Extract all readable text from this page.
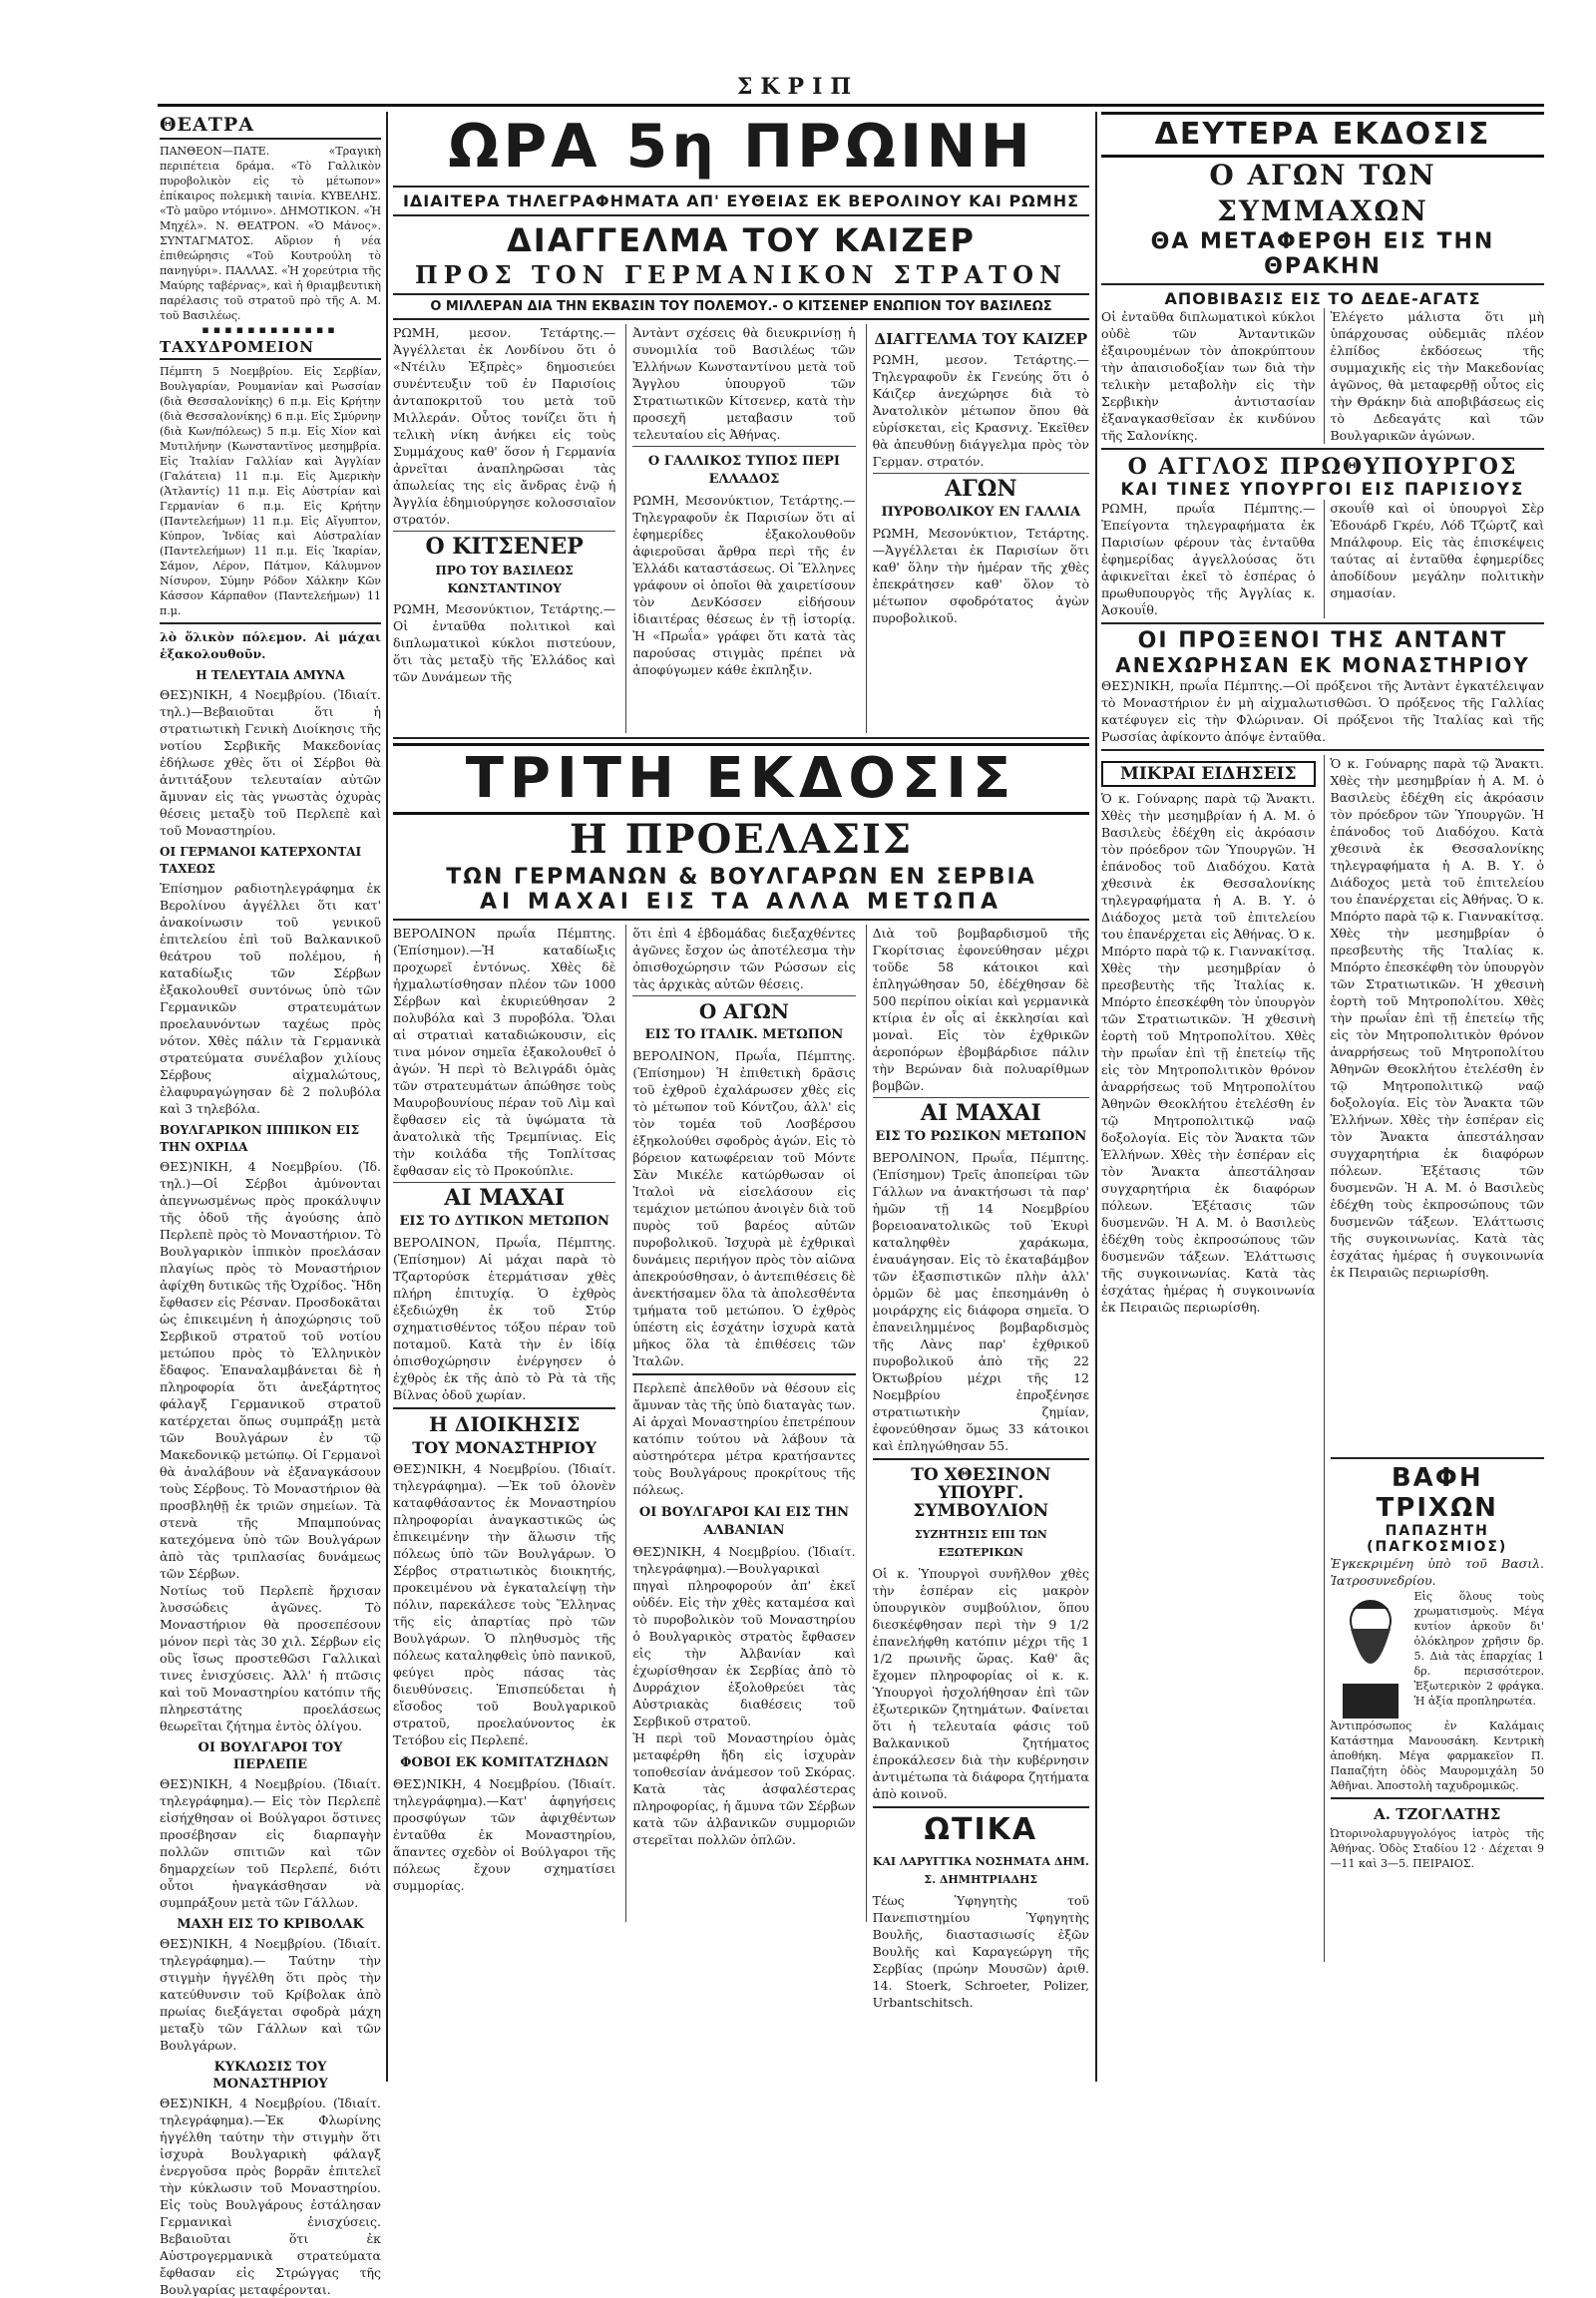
ΣΚΡΙΠ
ΘΕΑΤΡΑ

ΠΑΝΘΕΟΝ—ΠΑΤΕ. «Τραγικὴ περιπέτεια δράμα. «Τὸ Γαλλικὸν πυροβολικὸν εἰς τὸ μέτωπον» ἐπίκαιρος πολεμικὴ ταινία. ΚΥΒΕΛΗΣ. «Τὸ μαῦρο ντόμινο». ΔΗΜΟΤΙΚΟΝ. «Ἡ Μηχέλ». Ν. ΘΕΑΤΡΟΝ. «Ὁ Μάνος». ΣΥΝΤΑΓΜΑΤΟΣ. Αὔριον ἡ νέα ἐπιθεώρησις «Τοῦ Κουτρούλη τὸ πανηγύρι». ΠΑΛΛΑΣ. «Ἡ χορεύτρια τῆς Μαύρης ταβέρνας», καὶ ἡ θριαμβευτικὴ παρέλασις τοῦ στρατοῦ πρὸ τῆς Α. Μ. τοῦ Βασιλέως.

▪▪▪▪▪▪▪▪▪▪▪▪
ΤΑΧΥΔΡΟΜΕΙΟΝ

Πέμπτη 5 Νοεμβρίου. Εἰς Σερβίαν, Βουλγαρίαν, Ρουμανίαν καὶ Ρωσσίαν (διὰ Θεσσαλονίκης) 6 π.μ. Εἰς Κρήτην (διὰ Θεσσαλονίκης) 6 π.μ. Εἰς Σμύρνην (διὰ Κων/πόλεως) 5 π.μ. Εἰς Χίον καὶ Μυτιλήνην (Κωνσταντῖνος μεσημβρία. Εἰς Ἰταλίαν Γαλλίαν καὶ Ἀγγλίαν (Γαλάτεια) 11 π.μ. Εἰς Ἀμερικὴν (Ἀτλαντίς) 11 π.μ. Εἰς Αὐστρίαν καὶ Γερμανίαν 6 π.μ. Εἰς Κρήτην (Παντελεήμων) 11 π.μ. Εἰς Αἴγυπτον, Κύπρον, Ἰνδίας καὶ Αὐστραλίαν (Παντελεήμων) 11 π.μ. Εἰς Ἰκαρίαν, Σάμον, Λέρον, Πάτμον, Κάλυμνον Νίσυρον, Σύμην Ρόδον Χάλκην Κῶν Κάσσον Κάρπαθον (Παντελεήμων) 11 π.μ.

λὸ ὅλικὸν πόλεμον. Αἱ μάχαι ἐξακολουθοῦν.

Η ΤΕΛΕΥΤΑΙΑ ΑΜΥΝΑ

ΘΕΣ)ΝΙΚΗ, 4 Νοεμβρίου. (Ἰδιαίτ. τηλ.)—Βεβαιοῦται ὅτι ἡ στρατιωτικὴ Γενικὴ Διοίκησις τῆς νοτίου Σερβικῆς Μακεδονίας ἐδήλωσε χθὲς ὅτι οἱ Σέρβοι θὰ ἀντιτάξουν τελευταίαν αὐτῶν ἄμυναν εἰς τὰς γνωστὰς ὀχυρὰς θέσεις μεταξὺ τοῦ Περλεπὲ καὶ τοῦ Μοναστηρίου.

ΟΙ ΓΕΡΜΑΝΟΙ ΚΑΤΕΡΧΟΝΤΑΙ ΤΑΧΕΩΣ

Ἐπίσημον ραδιοτηλεγράφημα ἐκ Βερολίνου ἀγγέλλει ὅτι κατ' ἀνακοίνωσιν τοῦ γενικοῦ ἐπιτελείου ἐπὶ τοῦ Βαλκανικοῦ θεάτρου τοῦ πολέμου, ἡ καταδίωξις τῶν Σέρβων ἐξακολουθεῖ συντόνως ὑπὸ τῶν Γερμανικῶν στρατευμάτων προελαυνόντων ταχέως πρὸς νότον. Χθὲς πάλιν τὰ Γερμανικὰ στρατεύματα συνέλαβον χιλίους Σέρβους αἰχμαλώτους, ἐλαφυραγώγησαν δὲ 2 πολυβόλα καὶ 3 τηλεβόλα.

ΒΟΥΛΓΑΡΙΚΟΝ ΙΠΠΙΚΟΝ ΕΙΣ ΤΗΝ ΟΧΡΙΔΑ

ΘΕΣ)ΝΙΚΗ, 4 Νοεμβρίου. (Ἰδ. τηλ.)—Οἱ Σέρβοι ἀμύνονται ἀπεγνωσμένως πρὸς προκάλυψιν τῆς ὁδοῦ τῆς ἀγούσης ἀπὸ Περλεπὲ πρὸς τὸ Μοναστήριον. Τὸ Βουλγαρικὸν ἱππικὸν προελάσαν πλαγίως πρὸς τὸ Μοναστήριον ἀφίχθη δυτικῶς τῆς Ὀχρίδος. Ἤδη ἔφθασεν εἰς Ρέσναν. Προσδοκᾶται ὡς ἐπικειμένη ἡ ἀποχώρησις τοῦ Σερβικοῦ στρατοῦ τοῦ νοτίου μετώπου πρὸς τὸ Ἑλληνικὸν ἔδαφος. Ἐπαναλαμβάνεται δὲ ἡ πληροφορία ὅτι ἀνεξάρτητος φάλαγξ Γερμανικοῦ στρατοῦ κατέρχεται ὅπως συμπράξῃ μετὰ τῶν Βουλγάρων ἐν τῷ Μακεδονικῷ μετώπῳ. Οἱ Γερμανοὶ θὰ ἀναλάβουν νὰ ἐξαναγκάσουν τοὺς Σέρβους. Τὸ Μοναστήριον θὰ προσβληθῇ ἐκ τριῶν σημείων. Τὰ στενὰ τῆς Μπαμπούνας κατεχόμενα ὑπὸ τῶν Βουλγάρων ἀπὸ τὰς τριπλασίας δυνάμεως τῶν Σέρβων.

Νοτίως τοῦ Περλεπὲ ἤρχισαν λυσσώδεις ἀγῶνες. Τὸ Μοναστήριον θὰ προσεπέσουν μόνον περὶ τὰς 30 χιλ. Σέρβων εἰς οὓς ἴσως προστεθῶσι Γαλλικαὶ τινες ἐνισχύσεις. Ἀλλ' ἡ πτῶσις καὶ τοῦ Μοναστηρίου κατόπιν τῆς πληρεστάτης προελάσεως θεωρεῖται ζήτημα ἐντὸς ὀλίγου.

ΟΙ ΒΟΥΛΓΑΡΟΙ ΤΟΥ ΠΕΡΛΕΠΕ

ΘΕΣ)ΝΙΚΗ, 4 Νοεμβρίου. (Ἰδιαίτ. τηλεγράφημα).— Εἰς τὸν Περλεπὲ εἰσήχθησαν οἱ Βούλγαροι ὅστινες προσέβησαν εἰς διαρπαγὴν πολλῶν σπιτιῶν καὶ τῶν δημαρχείων τοῦ Περλεπέ, διότι οὗτοι ἠναγκάσθησαν νὰ συμπράξουν μετὰ τῶν Γάλλων.

ΜΑΧΗ ΕΙΣ ΤΟ ΚΡΙΒΟΛΑΚ

ΘΕΣ)ΝΙΚΗ, 4 Νοεμβρίου. (Ἰδιαίτ. τηλεγράφημα).— Ταύτην τὴν στιγμὴν ἠγγέλθη ὅτι πρὸς τὴν κατεύθυνσιν τοῦ Κρίβολακ ἀπὸ πρωίας διεξάγεται σφοδρὰ μάχη μεταξὺ τῶν Γάλλων καὶ τῶν Βουλγάρων.

ΚΥΚΛΩΣΙΣ ΤΟΥ ΜΟΝΑΣΤΗΡΙΟΥ

ΘΕΣ)ΝΙΚΗ, 4 Νοεμβρίου. (Ἰδιαίτ. τηλεγράφημα).—Ἐκ Φλωρίνης ἠγγέλθη ταύτην τὴν στιγμὴν ὅτι ἰσχυρὰ Βουλγαρικὴ φάλαγξ ἐνεργοῦσα πρὸς βορρᾶν ἐπιτελεῖ τὴν κύκλωσιν τοῦ Μοναστηρίου. Εἰς τοὺς Βουλγάρους ἐστάλησαν Γερμανικαὶ ἐνισχύσεις. Βεβαιοῦται ὅτι ἐκ Αὐστρογερμανικὰ στρατεύματα ἔφθασαν εἰς Στρώγγας τῆς Βουλγαρίας μεταφέρονται.

ΩΡΑ 5η ΠΡΩΙΝΗ
ΙΔΙΑΙΤΕΡΑ ΤΗΛΕΓΡΑΦΗΜΑΤΑ ΑΠ' ΕΥΘΕΙΑΣ ΕΚ ΒΕΡΟΛΙΝΟΥ ΚΑΙ ΡΩΜΗΣ
ΔΙΑΓΓΕΛΜΑ ΤΟΥ ΚΑΙΖΕΡ
ΠΡΟΣ ΤΟΝ ΓΕΡΜΑΝΙΚΟΝ ΣΤΡΑΤΟΝ
Ο ΜΙΛΛΕΡΑΝ ΔΙΑ ΤΗΝ ΕΚΒΑΣΙΝ ΤΟΥ ΠΟΛΕΜΟΥ.- Ο ΚΙΤΣΕΝΕΡ ΕΝΩΠΙΟΝ ΤΟΥ ΒΑΣΙΛΕΩΣ

ΡΩΜΗ, μεσον. Τετάρτης.—Ἀγγέλλεται ἐκ Λονδίνου ὅτι ὁ «Ντέιλυ Ἐξπρὲς» δημοσιεύει συνέντευξιν τοῦ ἐν Παρισίοις ἀνταποκριτοῦ του μετὰ τοῦ Μιλλεράν. Οὗτος τονίζει ὅτι ἡ τελικὴ νίκη ἀνήκει εἰς τοὺς Συμμάχους καθ' ὅσον ἡ Γερμανία ἀρνεῖται ἀναπληρῶσαι τὰς ἀπωλείας της εἰς ἄνδρας ἐνῷ ἡ Ἀγγλία ἐδημιούργησε κολοσσιαῖον στρατόν.

Ο ΚΙΤΣΕΝΕΡ
ΠΡΟ ΤΟΥ ΒΑΣΙΛΕΩΣ ΚΩΝΣΤΑΝΤΙΝΟΥ

ΡΩΜΗ, Μεσονύκτιον, Τετάρτης.—Οἱ ἐνταῦθα πολιτικοὶ καὶ διπλωματικοὶ κύκλοι πιστεύουν, ὅτι τὰς μεταξὺ τῆς Ἑλλάδος καὶ τῶν Δυνάμεων τῆς

Ἀντὰντ σχέσεις θὰ διευκρινίσῃ ἡ συνομιλία τοῦ Βασιλέως τῶν Ἑλλήνων Κωνσταντίνου μετὰ τοῦ Ἄγγλου ὑπουργοῦ τῶν Στρατιωτικῶν Κίτσενερ, κατὰ τὴν προσεχῆ μεταβασιν τοῦ τελευταίου εἰς Ἀθήνας.

Ο ΓΑΛΛΙΚΟΣ ΤΥΠΟΣ ΠΕΡΙ ΕΛΛΑΔΟΣ

ΡΩΜΗ, Μεσονύκτιον, Τετάρτης.—Τηλεγραφοῦν ἐκ Παρισίων ὅτι αἱ ἐφημερίδες ἐξακολουθοῦν ἀφιεροῦσαι ἄρθρα περὶ τῆς ἐν Ἑλλάδι καταστάσεως. Οἱ Ἕλληνες γράφουν οἱ ὁποῖοι θὰ χαιρετίσουν τὸν ΔενΚόσσεν εἰδήσουν ἰδιαιτέρας θέσεως ἐν τῇ ἱστορίᾳ. Ἡ «Πρωΐα» γράφει ὅτι κατὰ τὰς παρούσας στιγμὰς πρέπει νὰ ἀποφύγωμεν κάθε ἐκπληξιν.

ΔΙΑΓΓΕΛΜΑ ΤΟΥ ΚΑΙΖΕΡ

ΡΩΜΗ, μεσον. Τετάρτης.—Τηλεγραφοῦν ἐκ Γενεύης ὅτι ὁ Κάιζερ ἀνεχώρησε διὰ τὸ Ἀνατολικὸν μέτωπον ὅπου θὰ εὑρίσκεται, εἰς Κρασνιχ. Ἐκεῖθεν θὰ ἀπευθύνῃ διάγγελμα πρὸς τὸν Γερμαν. στρατόν.

ΑΓΩΝ
ΠΥΡΟΒΟΛΙΚΟΥ ΕΝ ΓΑΛΛΙΑ

ΡΩΜΗ, Μεσονύκτιον, Τετάρτης.—Ἀγγέλλεται ἐκ Παρισίων ὅτι καθ' ὅλην τὴν ἡμέραν τῆς χθὲς ἐπεκράτησεν καθ' ὅλον τὸ μέτωπον σφοδρότατος ἀγὼν πυροβολικοῦ.

ΤΡΙΤΗ ΕΚΔΟΣΙΣ
Η ΠΡΟΕΛΑΣΙΣ
ΤΩΝ ΓΕΡΜΑΝΩΝ & ΒΟΥΛΓΑΡΩΝ ΕΝ ΣΕΡΒΙΑ
ΑΙ ΜΑΧΑΙ ΕΙΣ ΤΑ ΑΛΛΑ ΜΕΤΩΠΑ

ΒΕΡΟΛΙΝΟΝ πρωΐα Πέμπτης. (Ἐπίσημον).—Ἡ καταδίωξις προχωρεῖ ἐντόνως. Χθὲς δὲ ἠχμαλωτίσθησαν πλέον τῶν 1000 Σέρβων καὶ ἐκυριεύθησαν 2 πολυβόλα καὶ 3 πυροβόλα. Ὅλαι αἱ στρατιαὶ καταδιώκουσιν, εἰς τινα μόνον σημεῖα ἐξακολουθεῖ ὁ ἀγών. Ἡ περὶ τὸ Βελιγράδι ὁμὰς τῶν στρατευμάτων ἀπώθησε τοὺς Μαυροβουνίους πέραν τοῦ Λὶμ καὶ ἔφθασεν εἰς τὰ ὑψώματα τὰ ἀνατολικὰ τῆς Τρεμπίνιας. Εἰς τὴν κοιλάδα τῆς Τοπλίτσας ἔφθασαν εἰς τὸ Προκούπλιε.

ΑΙ ΜΑΧΑΙ
ΕΙΣ ΤΟ ΔΥΤΙΚΟΝ ΜΕΤΩΠΟΝ

ΒΕΡΟΛΙΝΟΝ, Πρωΐα, Πέμπτης. (Ἐπίσημον) Αἱ μάχαι παρὰ τὸ Τζαρτορύσκ ἐτερμάτισαν χθὲς πλήρη ἐπιτυχίᾳ. Ὁ ἐχθρὸς ἐξεδιώχθη ἐκ τοῦ Στύρ σχηματισθέντος τόξου πέραν τοῦ ποταμοῦ. Κατὰ τὴν ἐν ἰδίᾳ ὀπισθοχώρησιν ἐνέργησεν ὁ ἐχθρὸς ἐκ τῆς ἀπὸ τὸ Ρὰ τὰ τῆς Βίλνας ὁδοῦ χωρίαν.

Η ΔΙΟΙΚΗΣΙΣ
ΤΟΥ ΜΟΝΑΣΤΗΡΙΟΥ

ΘΕΣ)ΝΙΚΗ, 4 Νοεμβρίου. (Ἰδιαίτ. τηλεγράφημα). —Ἐκ τοῦ ὁλονὲν καταφθάσαντος ἐκ Μοναστηρίου πληροφορίαι ἀναγκαστικῶς ὡς ἐπικειμένην τὴν ἅλωσιν τῆς πόλεως ὑπὸ τῶν Βουλγάρων. Ὁ Σέρβος στρατιωτικὸς διοικητής, προκειμένου νὰ ἐγκαταλείψῃ τὴν πόλιν, παρεκάλεσε τοὺς Ἕλληνας τῆς εἰς ἀπαρτίας πρὸ τῶν Βουλγάρων. Ὁ πληθυσμὸς τῆς πόλεως καταληφθεὶς ὑπὸ πανικοῦ, φεύγει πρὸς πάσας τὰς διευθύνσεις. Ἐπισπεύδεται ἡ εἴσοδος τοῦ Βουλγαρικοῦ στρατοῦ, προελαύνοντος ἐκ Τετόβου εἰς Περλεπέ.

ΦΟΒΟΙ ΕΚ ΚΟΜΙΤΑΤΖΗΔΩΝ

ΘΕΣ)ΝΙΚΗ, 4 Νοεμβρίου. (Ἰδιαίτ. τηλεγράφημα).—Κατ' ἀφηγήσεις προσφύγων τῶν ἀφιχθέντων ἐνταῦθα ἐκ Μοναστηρίου, ἅπαντες σχεδὸν οἱ Βούλγαροι τῆς πόλεως ἔχουν σχηματίσει συμμορίας.

ὅτι ἐπὶ 4 ἑβδομάδας διεξαχθέντες ἀγῶνες ἔσχον ὡς ἀποτέλεσμα τὴν ὀπισθοχώρησιν τῶν Ρώσσων εἰς τὰς ἀρχικὰς αὐτῶν θέσεις.

Ο ΑΓΩΝ
ΕΙΣ ΤΟ ΙΤΑΛΙΚ. ΜΕΤΩΠΟΝ

ΒΕΡΟΛΙΝΟΝ, Πρωΐα, Πέμπτης. (Ἐπίσημον) Ἡ ἐπιθετικὴ δρᾶσις τοῦ ἐχθροῦ ἐχαλάρωσεν χθὲς εἰς τὸ μέτωπον τοῦ Κόντζου, ἀλλ' εἰς τὸν τομέα τοῦ Λοσβέρσου ἐξηκολούθει σφοδρὸς ἀγών. Εἰς τὸ βόρειον κατωφέρειαν τοῦ Μόντε Σὰν Μικέλε κατώρθωσαν οἱ Ἰταλοὶ νὰ εἰσελάσουν εἰς τεμάχιον μετώπου ἀνοιγὲν διὰ τοῦ πυρὸς τοῦ βαρέος αὐτῶν πυροβολικοῦ. Ἰσχυρὰ μὲ ἐχθρικαὶ δυνάμεις περιήγον πρὸς τὸν αἰῶνα ἀπεκρούσθησαν, ὁ ἀντεπιθέσεις δὲ ἀνεκτήσαμεν ὅλα τὰ ἀπολεσθέντα τμήματα τοῦ μετώπου. Ὁ ἐχθρὸς ὑπέστη εἰς ἐσχάτην ἰσχυρὰ κατὰ μῆκος ὅλα τὰ ἐπιθέσεις τῶν Ἰταλῶν.

Περλεπὲ ἀπελθοῦν νὰ θέσουν εἰς ἄμυναν τὰς τῆς ὑπὸ διαταγὰς των. Αἱ ἀρχαὶ Μοναστηρίου ἐπετρέπουν κατόπιν τούτου νὰ λάβουν τὰ αὐστηρότερα μέτρα κρατήσαντες τοὺς Βουλγάρους προκρίτους τῆς πόλεως.

ΟΙ ΒΟΥΛΓΑΡΟΙ ΚΑΙ ΕΙΣ ΤΗΝ ΑΛΒΑΝΙΑΝ

ΘΕΣ)ΝΙΚΗ, 4 Νοεμβρίου. (Ἰδιαίτ. τηλεγράφημα).—Βουλγαρικαὶ πηγαὶ πληροφορούν ἀπ' ἐκεῖ οὐδέν. Εἰς τὴν χθὲς καταμέσα καὶ τὸ πυροβολικὸν τοῦ Μοναστηρίου ὁ Βουλγαρικὸς στρατὸς ἔφθασεν εἰς τὴν Ἀλβανίαν καὶ ἐχωρίσθησαν ἐκ Σερβίας ἀπὸ τὸ Δυρράχιον ἐξολοθρεύει τὰς Αὐστριακὰς διαθέσεις τοῦ Σερβικοῦ στρατοῦ.

Ἡ περὶ τοῦ Μοναστηρίου ὁμὰς μεταφέρθη ἤδη εἰς ἰσχυρὰν τοποθεσίαν ἀνάμεσον τοῦ Σκόρας. Κατὰ τὰς ἀσφαλέστερας πληροφορίας, ἡ ἄμυνα τῶν Σέρβων κατὰ τῶν ἀλβανικῶν συμμοριῶν στερεῖται πολλῶν ὀπλῶν.

Διὰ τοῦ βομβαρδισμοῦ τῆς Γκορίτσιας ἐφονεύθησαν μέχρι τοῦδε 58 κάτοικοι καὶ ἐπληγώθησαν 50, ἐδέχθησαν δὲ 500 περίπου οἰκίαι καὶ γερμανικὰ κτίρια ἐν οἷς αἱ ἐκκλησίαι καὶ μοναὶ. Εἰς τὸν ἐχθρικῶν ἀεροπόρων ἐβομβάρδισε πάλιν τὴν Βερώναν διὰ πολυαρίθμων βομβῶν.

ΑΙ ΜΑΧΑΙ
ΕΙΣ ΤΟ ΡΩΣΙΚΟΝ ΜΕΤΩΠΟΝ

ΒΕΡΟΛΙΝΟΝ, Πρωΐα, Πέμπτης. (Ἐπίσημον) Τρεῖς ἀποπείραι τῶν Γάλλων να ἀνακτήσωσι τὰ παρ' ἡμῶν τῇ 14 Νοεμβρίου βορειοανατολικῶς τοῦ Ἐκυρὶ καταληφθὲν χαράκωμα, ἐναυάγησαν. Εἰς τὸ ἐκαταβάμβον τῶν ἐξασπιστικῶν πλὴν ἀλλ' ὁρμῶν δὲ μας ἐπεσημάνθη ὁ μοιράρχης εἰς διάφορα σημεῖα. Ὁ ἐπανειλημμένος βομβαρδισμὸς τῆς Λὰνς παρ' ἐχθρικοῦ πυροβολικοῦ ἀπὸ τῆς 22 Ὀκτωβρίου μέχρι τῆς 12 Νοεμβρίου ἐπροξένησε στρατιωτικὴν ζημίαν, ἐφονεύθησαν ὅμως 33 κάτοικοι καὶ ἐπληγώθησαν 55.

ΤΟ ΧΘΕΣΙΝΟΝ ΥΠΟΥΡΓ. ΣΥΜΒΟΥΛΙΟΝ
ΣΥΖΗΤΗΣΙΣ ΕΠΙ ΤΩΝ ΕΞΩΤΕΡΙΚΩΝ

Οἱ κ. Ὑπουργοὶ συνῆλθον χθὲς τὴν ἑσπέραν εἰς μακρὸν ὑπουργικὸν συμβούλιον, ὅπου διεσκέφθησαν περὶ τὴν 9 1/2 ἐπανελήφθη κατόπιν μέχρι τῆς 1 1/2 πρωινῆς ὥρας. Καθ' ἃς ἔχομεν πληροφορίας οἱ κ. κ. Ὑπουργοὶ ἠσχολήθησαν ἐπὶ τῶν ἐξωτερικῶν ζητημάτων. Φαίνεται ὅτι ἡ τελευταία φάσις τοῦ Βαλκανικοῦ ζητήματος ἐπροκάλεσεν διὰ τὴν κυβέρνησιν ἀντιμέτωπα τὰ διάφορα ζητήματα ἀπὸ κοινοῦ.

ΩΤΙΚΑ
ΚΑΙ ΛΑΡΥΓΓΙΚΑ ΝΟΣΗΜΑΤΑ ΔΗΜ. Σ. ΔΗΜΗΤΡΙΑΔΗΣ

Τέως Ὑφηγητὴς τοῦ Πανεπιστημίου Ὑφηγητὴς Βουλῆς, διαστασιωσίς ἐξῶν Βουλῆς καὶ Καραγεώργη τῆς Σερβίας (πρώην Μουσῶν) ἀριθ. 14. Stoerk, Schroeter, Polizer, Urbantschitsch.

ΔΕΥΤΕΡΑ ΕΚΔΟΣΙΣ
Ο ΑΓΩΝ ΤΩΝ ΣΥΜΜΑΧΩΝ
ΘΑ ΜΕΤΑΦΕΡΘΗ ΕΙΣ ΤΗΝ ΘΡΑΚΗΝ
ΑΠΟΒΙΒΑΣΙΣ ΕΙΣ ΤΟ ΔΕΔΕ-ΑΓΑΤΣ

Οἱ ἐνταῦθα διπλωματικοὶ κύκλοι οὐδὲ τῶν Ἀνταντικῶν ἐξαιρουμένων τὸν ἀποκρύπτουν τὴν ἀπαισιοδοξίαν των διὰ τὴν τελικὴν μεταβολὴν εἰς τὴν Σερβικὴν ἀντιστασίαν ἐξαναγκασθεῖσαν ἐκ κινδύνου τῆς Σαλονίκης.

Ἐλέγετο μάλιστα ὅτι μὴ ὑπάρχουσας οὐδεμιᾶς πλέον ἐλπίδος ἐκδόσεως τῆς συμμαχικῆς εἰς τὴν Μακεδονίας ἀγῶνος, θὰ μεταφερθῇ οὗτος εἰς τὴν Θράκην διὰ αποβιβάσεως εἰς τὸ Δεδεαγάτς καὶ τῶν Βουλγαρικῶν ἀγώνων.

Ο ΑΓΓΛΟΣ ΠΡΩΘΥΠΟΥΡΓΟΣ
ΚΑΙ ΤΙΝΕΣ ΥΠΟΥΡΓΟΙ ΕΙΣ ΠΑΡΙΣΙΟΥΣ

ΡΩΜΗ, πρωΐα Πέμπτης.—Ἐπείγοντα τηλεγραφήματα ἐκ Παρισίων φέρουν τὰς ἐνταῦθα ἐφημερίδας ἀγγελλούσας ὅτι ἀφικνεῖται ἐκεῖ τὸ ἑσπέρας ὁ πρωθυπουργὸς τῆς Ἀγγλίας κ. Ἀσκουΐθ.

σκουΐθ καὶ οἱ ὑπουργοὶ Σὲρ Ἐδουάρδ Γκρέυ, Λόδ Τζώρτζ καὶ Μπάλφουρ. Εἰς τὰς ἐπισκέψεις ταύτας αἱ ἐνταῦθα ἐφημερίδες ἀποδίδουν μεγάλην πολιτικὴν σημασίαν.

ΟΙ ΠΡΟΞΕΝΟΙ ΤΗΣ ΑΝΤΑΝΤ
ΑΝΕΧΩΡΗΣΑΝ ΕΚ ΜΟΝΑΣΤΗΡΙΟΥ

ΘΕΣ)ΝΙΚΗ, πρωΐα Πέμπτης.—Οἱ πρόξενοι τῆς Ἀντὰντ ἐγκατέλειψαν τὸ Μοναστήριον ἐν μὴ αἰχμαλωτισθῶσι. Ὁ πρόξενος τῆς Γαλλίας κατέφυγεν εἰς τὴν Φλώριναν. Οἱ πρόξενοι τῆς Ἰταλίας καὶ τῆς Ρωσσίας ἀφίκοντο ἀπόψε ἐνταῦθα.

ΜΙΚΡΑΙ ΕΙΔΗΣΕΙΣ

Ὁ κ. Γούναρης παρὰ τῷ Ἄνακτι. Χθὲς τὴν μεσημβρίαν ἡ Α. Μ. ὁ Βασιλεὺς ἐδέχθη εἰς ἀκρόασιν τὸν πρόεδρον τῶν Ὑπουργῶν. Ἡ ἐπάνοδος τοῦ Διαδόχου. Κατὰ χθεσινὰ ἐκ Θεσσαλονίκης τηλεγραφήματα ἡ Α. Β. Υ. ὁ Διάδοχος μετὰ τοῦ ἐπιτελείου του ἐπανέρχεται εἰς Ἀθήνας. Ὁ κ. Μπόρτο παρὰ τῷ κ. Γιαννακίτσᾳ. Χθὲς τὴν μεσημβρίαν ὁ πρεσβευτὴς τῆς Ἰταλίας κ. Μπόρτο ἐπεσκέφθη τὸν ὑπουργὸν τῶν Στρατιωτικῶν. Ἡ χθεσινὴ ἑορτὴ τοῦ Μητροπολίτου. Χθὲς τὴν πρωΐαν ἐπὶ τῇ ἐπετείῳ τῆς εἰς τὸν Μητροπολιτικὸν θρόνον ἀναρρήσεως τοῦ Μητροπολίτου Ἀθηνῶν Θεοκλήτου ἐτελέσθη ἐν τῷ Μητροπολιτικῷ ναῷ δοξολογία. Εἰς τὸν Ἄνακτα τῶν Ἑλλήνων. Χθὲς τὴν ἑσπέραν εἰς τὸν Ἄνακτα ἀπεστάλησαν συγχαρητήρια ἐκ διαφόρων πόλεων. Ἐξέτασις τῶν δυσμενῶν. Ἡ Α. Μ. ὁ Βασιλεὺς ἐδέχθη τοὺς ἐκπροσώπους τῶν δυσμενῶν τάξεων. Ἐλάττωσις τῆς συγκοινωνίας. Κατὰ τὰς ἐσχάτας ἡμέρας ἡ συγκοινωνία ἐκ Πειραιῶς περιωρίσθη.

Ὁ κ. Γούναρης παρὰ τῷ Ἄνακτι. Χθὲς τὴν μεσημβρίαν ἡ Α. Μ. ὁ Βασιλεὺς ἐδέχθη εἰς ἀκρόασιν τὸν πρόεδρον τῶν Ὑπουργῶν. Ἡ ἐπάνοδος τοῦ Διαδόχου. Κατὰ χθεσινὰ ἐκ Θεσσαλονίκης τηλεγραφήματα ἡ Α. Β. Υ. ὁ Διάδοχος μετὰ τοῦ ἐπιτελείου του ἐπανέρχεται εἰς Ἀθήνας. Ὁ κ. Μπόρτο παρὰ τῷ κ. Γιαννακίτσᾳ. Χθὲς τὴν μεσημβρίαν ὁ πρεσβευτὴς τῆς Ἰταλίας κ. Μπόρτο ἐπεσκέφθη τὸν ὑπουργὸν τῶν Στρατιωτικῶν. Ἡ χθεσινὴ ἑορτὴ τοῦ Μητροπολίτου. Χθὲς τὴν πρωΐαν ἐπὶ τῇ ἐπετείῳ τῆς εἰς τὸν Μητροπολιτικὸν θρόνον ἀναρρήσεως τοῦ Μητροπολίτου Ἀθηνῶν Θεοκλήτου ἐτελέσθη ἐν τῷ Μητροπολιτικῷ ναῷ δοξολογία. Εἰς τὸν Ἄνακτα τῶν Ἑλλήνων. Χθὲς τὴν ἑσπέραν εἰς τὸν Ἄνακτα ἀπεστάλησαν συγχαρητήρια ἐκ διαφόρων πόλεων. Ἐξέτασις τῶν δυσμενῶν. Ἡ Α. Μ. ὁ Βασιλεὺς ἐδέχθη τοὺς ἐκπροσώπους τῶν δυσμενῶν τάξεων. Ἐλάττωσις τῆς συγκοινωνίας. Κατὰ τὰς ἐσχάτας ἡμέρας ἡ συγκοινωνία ἐκ Πειραιῶς περιωρίσθη.

ΒΑΦΗ ΤΡΙΧΩΝ
ΠΑΠΑΖΗΤΗ (ΠΑΓΚΟΣΜΙΟΣ)

Ἐγκεκριμένη ὑπὸ τοῦ Βασιλ. Ἰατροσυνεδρίου.

Εἰς ὅλους τοὺς χρωματισμοὺς. Μέγα κυτίον ἀρκοῦν δι' ὁλόκληρον χρῆσιν δρ. 5. Διὰ τὰς ἐπαρχίας 1 δρ. περισσότερον. Ἐξωτερικὸν 2 φράγκα. Ἡ ἀξία προπληρωτέα.

Ἀντιπρόσωπος ἐν Καλάμαις Κατάστημα Μανουσάκη. Κεντρικὴ ἀποθήκη. Μέγα φαρμακεῖον Π. Παπαζήτη ὁδὸς Μαυρομιχάλη 50 Ἀθῆναι. Ἀποστολὴ ταχυδρομικῶς.

Α. ΤΖΟΓΛΑΤΗΣ

Ὠτορινολαρυγγολόγος ἰατρὸς τῆς Ἀθήνας. Ὁδὸς Σταδίου 12 · Δέχεται 9—11 καὶ 3—5. ΠΕΙΡΑΙΟΣ.
